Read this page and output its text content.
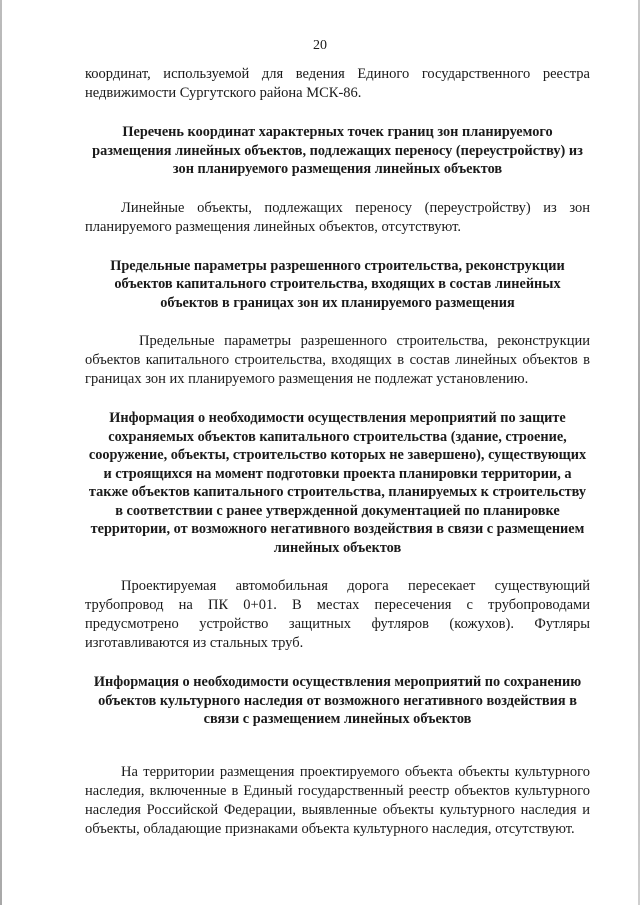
20

координат, используемой для ведения Единого государственного реестра недвижимости Сургутского района МСК-86.

Перечень координат характерных точек границ зон планируемого размещения линейных объектов, подлежащих переносу (переустройству) из зон планируемого размещения линейных объектов

Линейные объекты, подлежащих переносу (переустройству) из зон планируемого размещения линейных объектов, отсутствуют.

Предельные параметры разрешенного строительства, реконструкции объектов капитального строительства, входящих в состав линейных объектов в границах зон их планируемого размещения

Предельные параметры разрешенного строительства, реконструкции объектов капитального строительства, входящих в состав линейных объектов в границах зон их планируемого размещения не подлежат установлению.

Информация о необходимости осуществления мероприятий по защите сохраняемых объектов капитального строительства (здание, строение, сооружение, объекты, строительство которых не завершено), существующих и строящихся на момент подготовки проекта планировки территории, а также объектов капитального строительства, планируемых к строительству в соответствии с ранее утвержденной документацией по планировке территории, от возможного негативного воздействия в связи с размещением линейных объектов

Проектируемая автомобильная дорога пересекает существующий трубопровод на ПК 0+01. В местах пересечения с трубопроводами предусмотрено устройство защитных футляров (кожухов). Футляры изготавливаются из стальных труб.

Информация о необходимости осуществления мероприятий по сохранению объектов культурного наследия от возможного негативного воздействия в связи с размещением линейных объектов

На территории размещения проектируемого объекта объекты культурного наследия, включенные в Единый государственный реестр объектов культурного наследия Российской Федерации, выявленные объекты культурного наследия и объекты, обладающие признаками объекта культурного наследия, отсутствуют.
